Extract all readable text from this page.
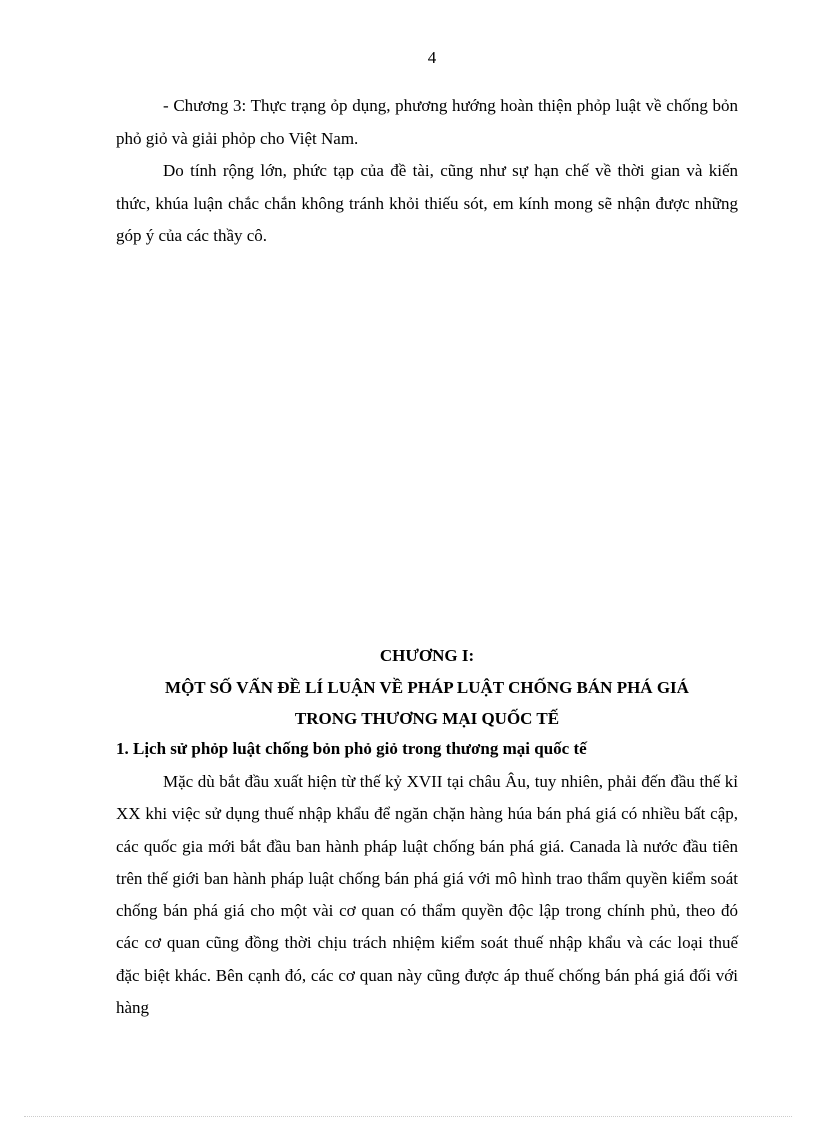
4

- Chương 3: Thực trạng ỏp dụng, phương hướng hoàn thiện phỏp luật về chống bỏn phỏ giỏ và giải phỏp cho Việt Nam.

Do tính rộng lớn, phức tạp của đề tài, cũng như sự hạn chế về thời gian và kiến thức, khúa luận chắc chắn không tránh khỏi thiếu sót, em kính mong sẽ nhận được những góp ý của các thầy cô.

CHƯƠNG I:
MỘT SỐ VẤN ĐỀ LÍ LUẬN VỀ PHÁP LUẬT CHỐNG BÁN PHÁ GIÁ
TRONG THƯƠNG MẠI QUỐC TẾ
1. Lịch sử phỏp luật chống bỏn phỏ giỏ trong thương mại quốc tế

Mặc dù bắt đầu xuất hiện từ thế kỷ XVII tại châu Âu, tuy nhiên, phải đến đầu thế kỉ XX khi việc sử dụng thuế nhập khẩu để ngăn chặn hàng húa bán phá giá có nhiều bất cập, các quốc gia mới bắt đầu ban hành pháp luật chống bán phá giá. Canada là nước đầu tiên trên thế giới ban hành pháp luật chống bán phá giá với mô hình trao thẩm quyền kiểm soát chống bán phá giá cho một vài cơ quan có thẩm quyền độc lập trong chính phủ, theo đó các cơ quan cũng đồng thời chịu trách nhiệm kiểm soát thuế nhập khẩu và các loại thuế đặc biệt khác. Bên cạnh đó, các cơ quan này cũng được áp thuế chống bán phá giá đối với hàng
